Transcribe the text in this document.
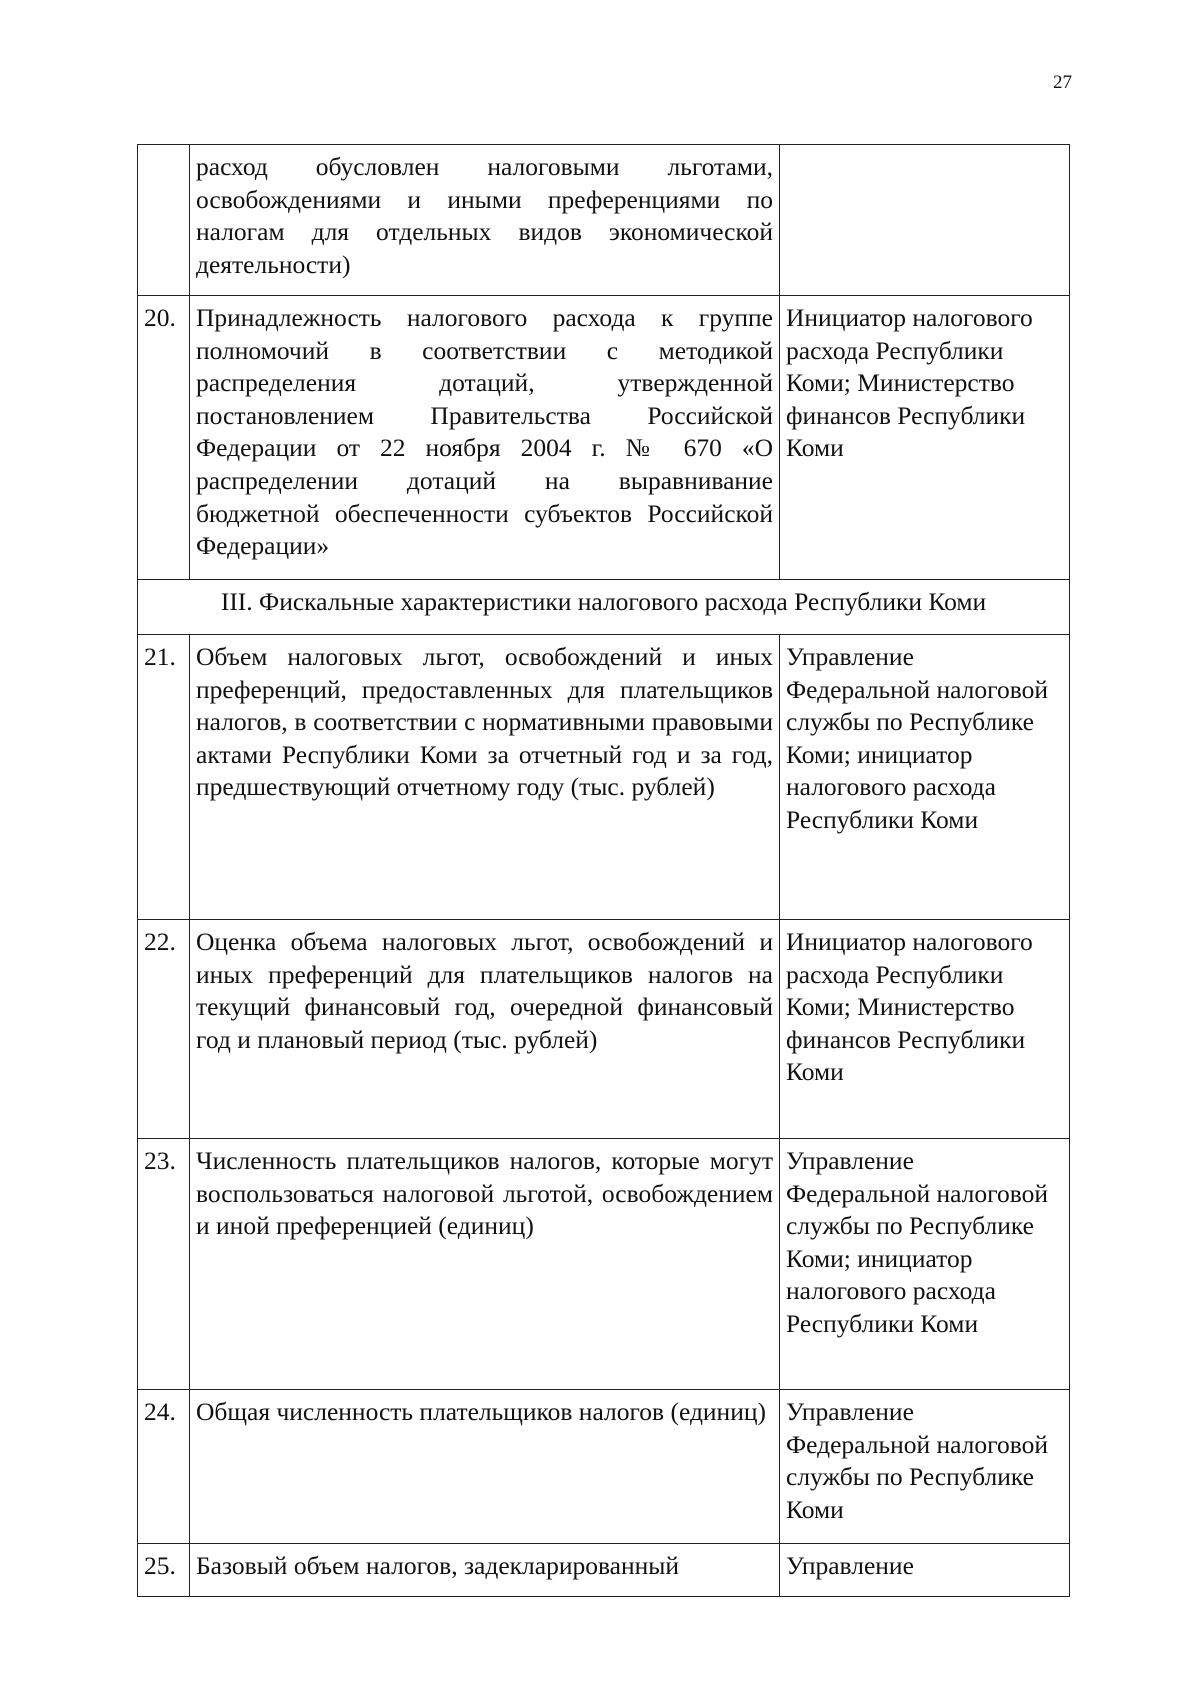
27
	расход обусловлен налоговыми льготами, освобождениями и иными преференциями по налогам для отдельных видов экономической деятельности)	
20.	Принадлежность налогового расхода к группе полномочий в соответствии с методикой распределения дотаций, утвержденной постановлением Правительства Российской Федерации от 22 ноября 2004 г. № 670 «О распределении дотаций на выравнивание бюджетной обеспеченности субъектов Российской Федерации»	Инициатор налогового расхода Республики Коми; Министерство финансов Республики Коми
III. Фискальные характеристики налогового расхода Республики Коми		
21.	Объем налоговых льгот, освобождений и иных преференций, предоставленных для плательщиков налогов, в соответствии с нормативными правовыми актами Республики Коми за отчетный год и за год, предшествующий отчетному году (тыс. рублей)	Управление Федеральной налоговой службы по Республике Коми; инициатор налогового расхода Республики Коми
22.	Оценка объема налоговых льгот, освобождений и иных преференций для плательщиков налогов на текущий финансовый год, очередной финансовый год и плановый период (тыс. рублей)	Инициатор налогового расхода Республики Коми; Министерство финансов Республики Коми
23.	Численность плательщиков налогов, которые могут воспользоваться налоговой льготой, освобождением и иной преференцией (единиц)	Управление Федеральной налоговой службы по Республике Коми; инициатор налогового расхода Республики Коми
24.	Общая численность плательщиков налогов (единиц)	Управление Федеральной налоговой службы по Республике Коми
25.	Базовый объем налогов, задекларированный	Управление
